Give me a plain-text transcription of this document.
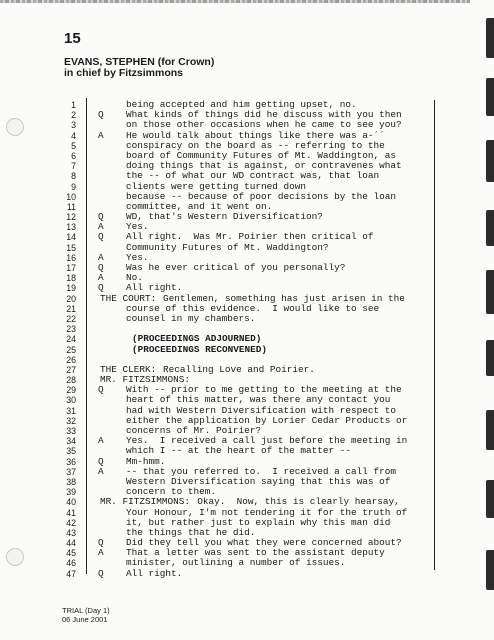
15
EVANS, STEPHEN (for Crown)
in chief by Fitzsimmons
1	being accepted and him getting upset, no.
2 Q What kinds of things did he discuss with you then
3	on those other occasions when he came to see you?
4 A He would talk about things like there was a-´´
5	conspiracy on the board as -- referring to the
6	board of Community Futures of Mt. Waddington, as
7	doing things that is against, or contravenes what
8	the -- of what our WD contract was, that loan
9	clients were getting turned down
10	because -- because of poor decisions by the loan
11	committee, and it went on.
12 Q WD, that's Western Diversification?
13 A Yes.
14 Q All right.  Was Mr. Poirier then critical of
15	Community Futures of Mt. Waddington?
16 A Yes.
17 Q Was he ever critical of you personally?
18 A No.
19 Q All right.
20	THE COURT: Gentlemen, something has just arisen in the
21	course of this evidence.  I would like to see
22	counsel in my chambers.
23
24	(PROCEEDINGS ADJOURNED)
25	(PROCEEDINGS RECONVENED)
26
27	THE CLERK: Recalling Love and Poirier.
28	MR. FITZSIMMONS:
29 Q With -- prior to me getting to the meeting at the
30	heart of this matter, was there any contact you
31	had with Western Diversification with respect to
32	either the application by Lorier Cedar Products or
33	concerns of Mr. Poirier?
34 A Yes.  I received a call just before the meeting in
35	which I -- at the heart of the matter --
36 Q Mm-hmm.
37 A -- that you referred to.  I received a call from
38	Western Diversification saying that this was of
39	concern to them.
40	MR. FITZSIMMONS: Okay.  Now, this is clearly hearsay,
41	Your Honour, I'm not tendering it for the truth of
42	it, but rather just to explain why this man did
43	the things that he did.
44 Q Did they tell you what they were concerned about?
45 A That a letter was sent to the assistant deputy
46	minister, outlining a number of issues.
47 Q All right.
TRIAL (Day 1)
06 June 2001
